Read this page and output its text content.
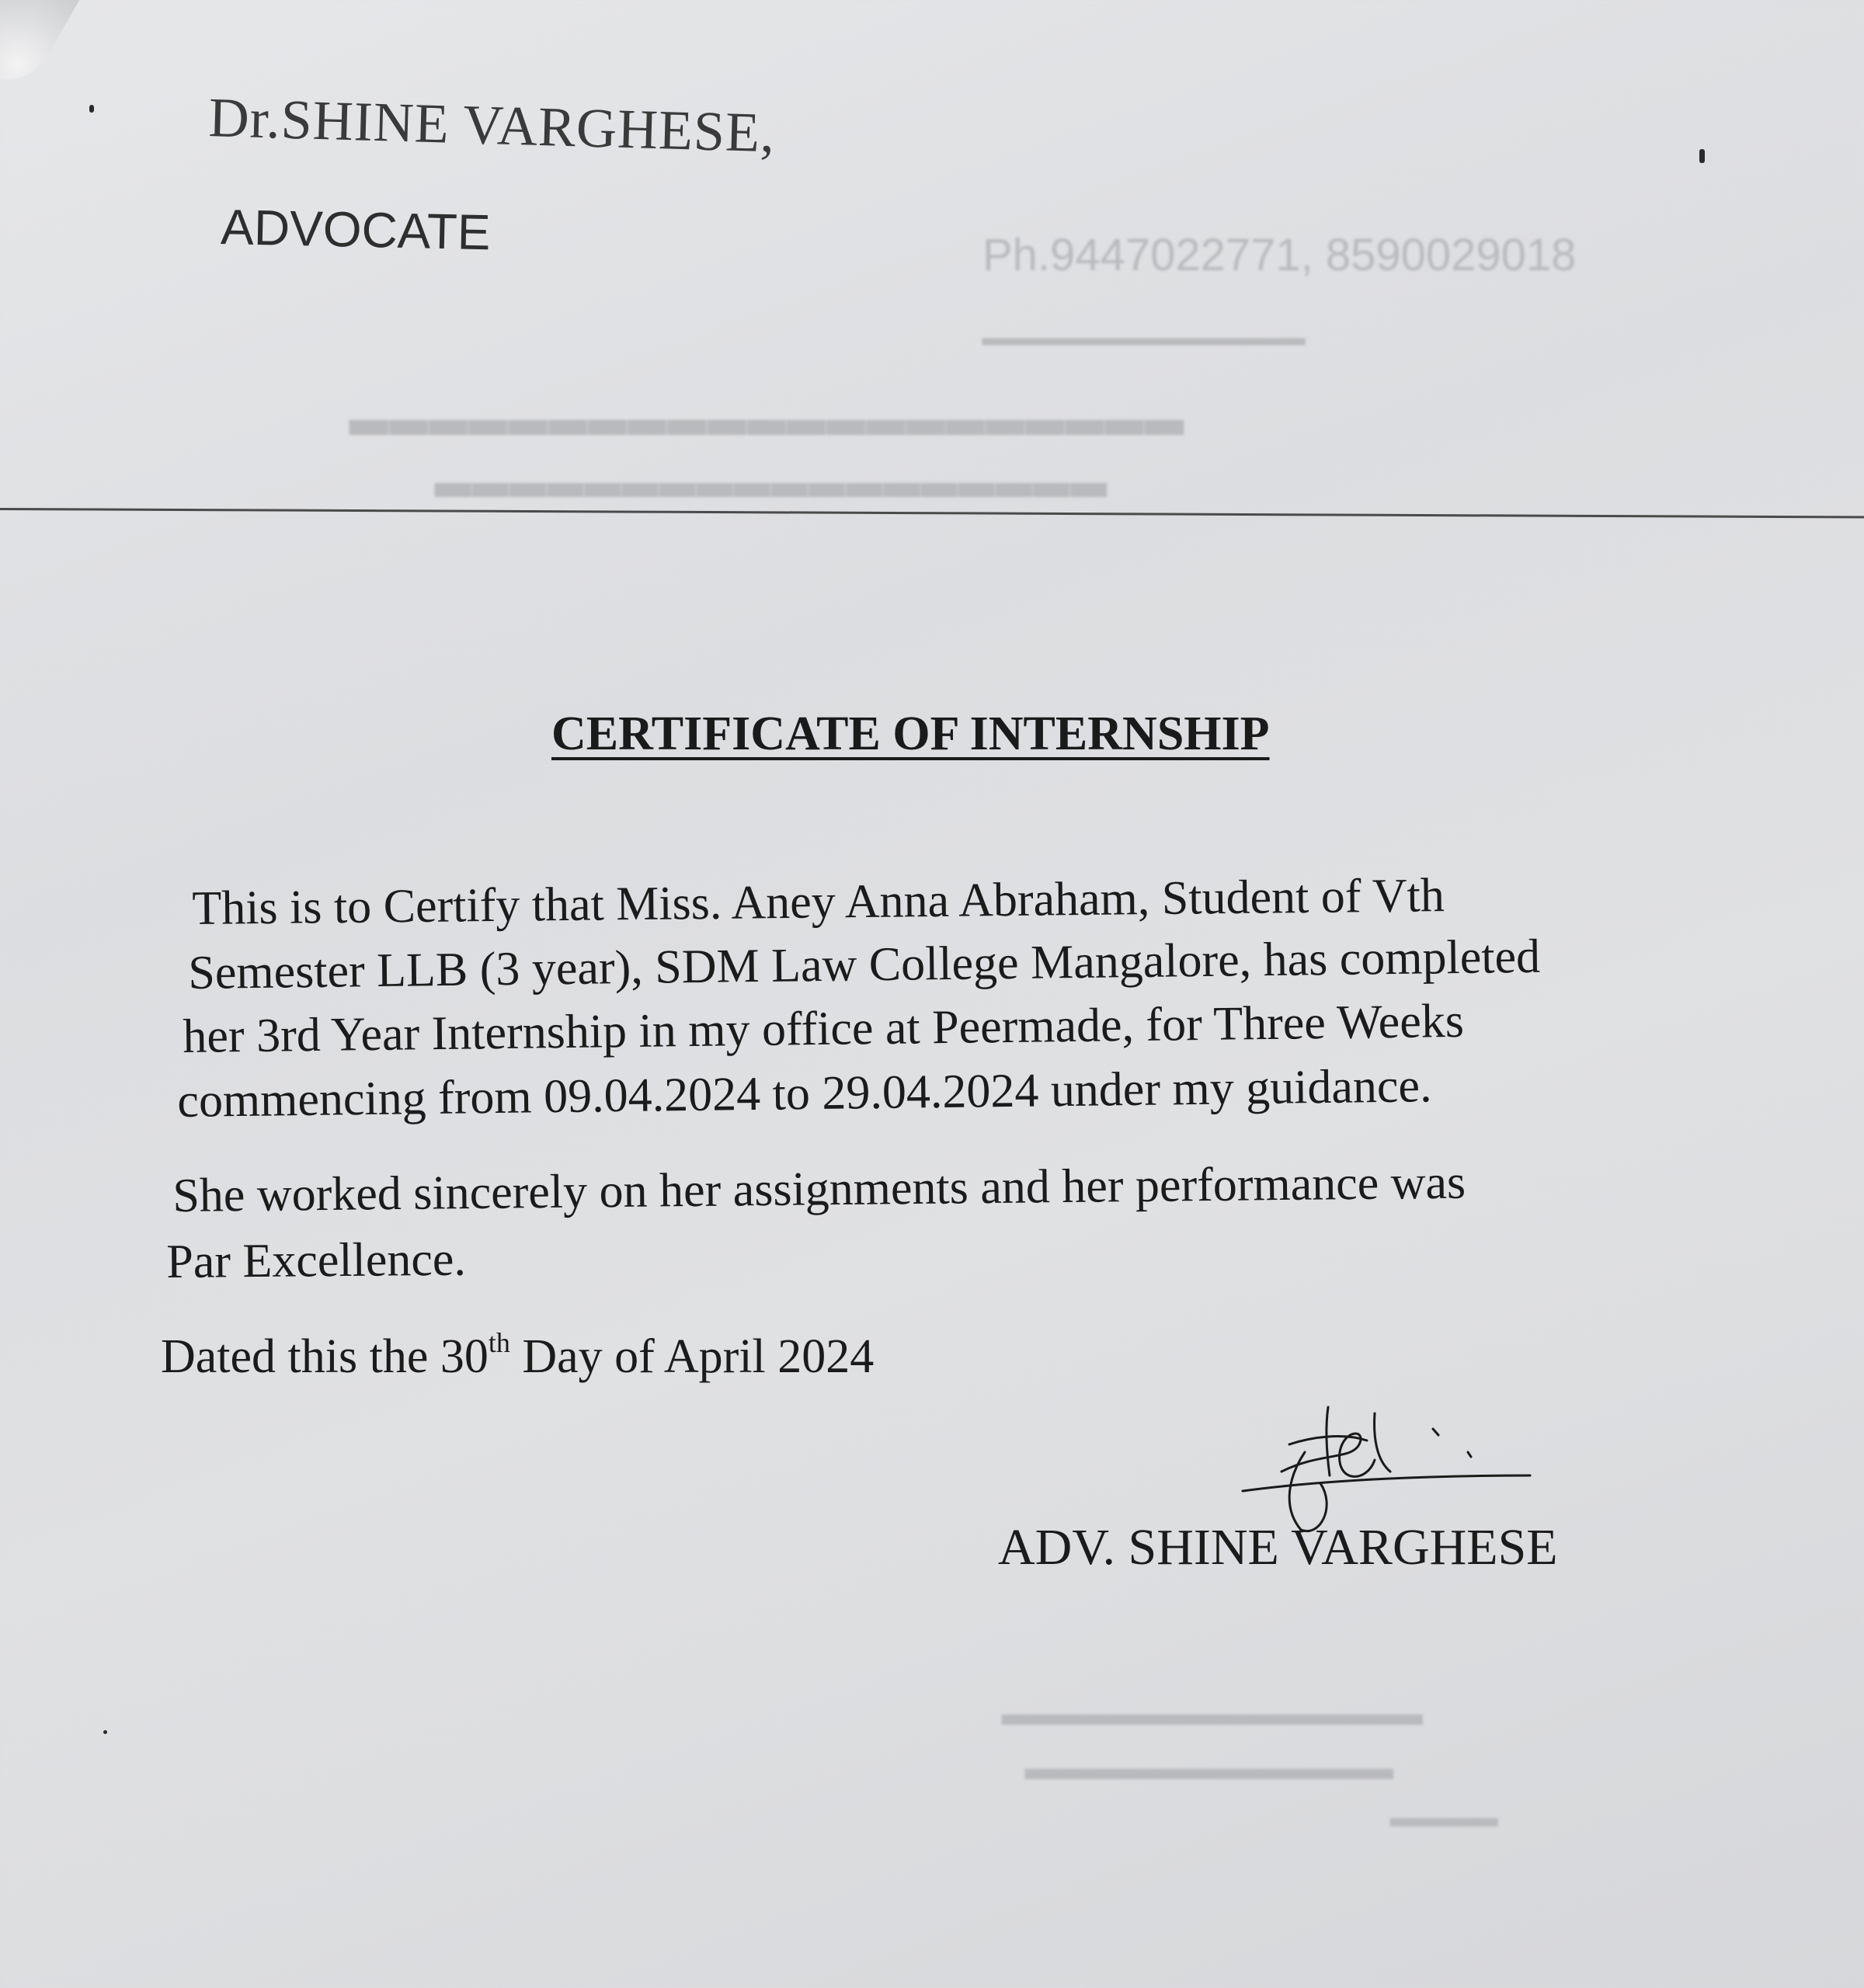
Dr.SHINE VARGHESE,
ADVOCATE	Ph.9447022771, 8590029018
▂▂▂▂▂▂▂▂▂▂▂▂▂▂▂▂▂▂
▂▂▂▂▂▂▂▂▂▂▂▂▂▂▂▂▂▂▂▂▂
▂▂▂▂▂▂▂▂▂▂▂▂▂▂▂▂▂▂
CERTIFICATE OF INTERNSHIP
This is to Certify that Miss. Aney Anna Abraham, Student of Vth
Semester LLB (3 year), SDM Law College Mangalore, has completed
her 3rd Year Internship in my office at Peermade, for Three Weeks
commencing from 09.04.2024 to 29.04.2024 under my guidance.
She worked sincerely on her assignments and her performance was
Par Excellence.
Dated this the 30th Day of April 2024
ADV. SHINE VARGHESE
▂▂▂▂▂▂▂▂▂▂▂▂▂▂▂▂
▂▂▂▂▂▂▂▂▂▂▂▂▂▂
▂▂▂▂▂
